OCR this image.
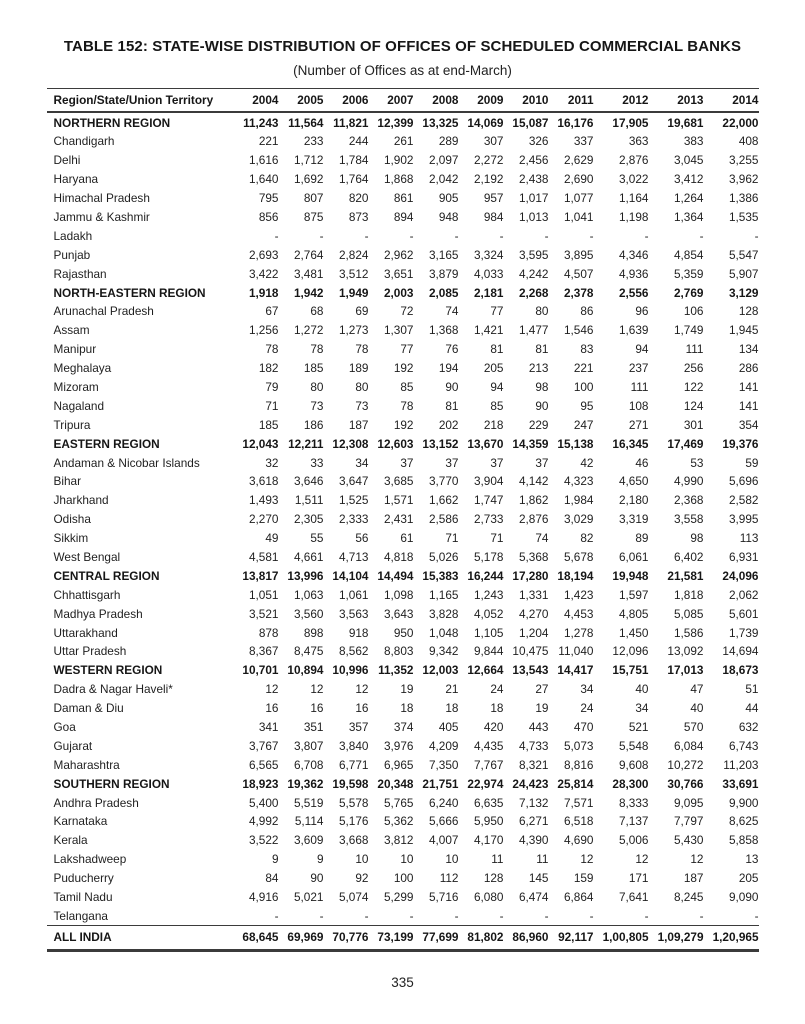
TABLE 152: STATE-WISE DISTRIBUTION OF OFFICES OF SCHEDULED COMMERCIAL BANKS
(Number of Offices as at end-March)
Region/State/Union Territory	2004	2005	2006	2007	2008	2009	2010	2011	2012	2013	2014
NORTHERN REGION	11,243	11,564	11,821	12,399	13,325	14,069	15,087	16,176	17,905	19,681	22,000
Chandigarh	221	233	244	261	289	307	326	337	363	383	408
Delhi	1,616	1,712	1,784	1,902	2,097	2,272	2,456	2,629	2,876	3,045	3,255
Haryana	1,640	1,692	1,764	1,868	2,042	2,192	2,438	2,690	3,022	3,412	3,962
Himachal Pradesh	795	807	820	861	905	957	1,017	1,077	1,164	1,264	1,386
Jammu & Kashmir	856	875	873	894	948	984	1,013	1,041	1,198	1,364	1,535
Ladakh	-	-	-	-	-	-	-	-	-	-	-
Punjab	2,693	2,764	2,824	2,962	3,165	3,324	3,595	3,895	4,346	4,854	5,547
Rajasthan	3,422	3,481	3,512	3,651	3,879	4,033	4,242	4,507	4,936	5,359	5,907
NORTH-EASTERN REGION	1,918	1,942	1,949	2,003	2,085	2,181	2,268	2,378	2,556	2,769	3,129
Arunachal Pradesh	67	68	69	72	74	77	80	86	96	106	128
Assam	1,256	1,272	1,273	1,307	1,368	1,421	1,477	1,546	1,639	1,749	1,945
Manipur	78	78	78	77	76	81	81	83	94	111	134
Meghalaya	182	185	189	192	194	205	213	221	237	256	286
Mizoram	79	80	80	85	90	94	98	100	111	122	141
Nagaland	71	73	73	78	81	85	90	95	108	124	141
Tripura	185	186	187	192	202	218	229	247	271	301	354
EASTERN REGION	12,043	12,211	12,308	12,603	13,152	13,670	14,359	15,138	16,345	17,469	19,376
Andaman & Nicobar Islands	32	33	34	37	37	37	37	42	46	53	59
Bihar	3,618	3,646	3,647	3,685	3,770	3,904	4,142	4,323	4,650	4,990	5,696
Jharkhand	1,493	1,511	1,525	1,571	1,662	1,747	1,862	1,984	2,180	2,368	2,582
Odisha	2,270	2,305	2,333	2,431	2,586	2,733	2,876	3,029	3,319	3,558	3,995
Sikkim	49	55	56	61	71	71	74	82	89	98	113
West Bengal	4,581	4,661	4,713	4,818	5,026	5,178	5,368	5,678	6,061	6,402	6,931
CENTRAL REGION	13,817	13,996	14,104	14,494	15,383	16,244	17,280	18,194	19,948	21,581	24,096
Chhattisgarh	1,051	1,063	1,061	1,098	1,165	1,243	1,331	1,423	1,597	1,818	2,062
Madhya Pradesh	3,521	3,560	3,563	3,643	3,828	4,052	4,270	4,453	4,805	5,085	5,601
Uttarakhand	878	898	918	950	1,048	1,105	1,204	1,278	1,450	1,586	1,739
Uttar Pradesh	8,367	8,475	8,562	8,803	9,342	9,844	10,475	11,040	12,096	13,092	14,694
WESTERN REGION	10,701	10,894	10,996	11,352	12,003	12,664	13,543	14,417	15,751	17,013	18,673
Dadra & Nagar Haveli*	12	12	12	19	21	24	27	34	40	47	51
Daman & Diu	16	16	16	18	18	18	19	24	34	40	44
Goa	341	351	357	374	405	420	443	470	521	570	632
Gujarat	3,767	3,807	3,840	3,976	4,209	4,435	4,733	5,073	5,548	6,084	6,743
Maharashtra	6,565	6,708	6,771	6,965	7,350	7,767	8,321	8,816	9,608	10,272	11,203
SOUTHERN REGION	18,923	19,362	19,598	20,348	21,751	22,974	24,423	25,814	28,300	30,766	33,691
Andhra Pradesh	5,400	5,519	5,578	5,765	6,240	6,635	7,132	7,571	8,333	9,095	9,900
Karnataka	4,992	5,114	5,176	5,362	5,666	5,950	6,271	6,518	7,137	7,797	8,625
Kerala	3,522	3,609	3,668	3,812	4,007	4,170	4,390	4,690	5,006	5,430	5,858
Lakshadweep	9	9	10	10	10	11	11	12	12	12	13
Puducherry	84	90	92	100	112	128	145	159	171	187	205
Tamil Nadu	4,916	5,021	5,074	5,299	5,716	6,080	6,474	6,864	7,641	8,245	9,090
Telangana	-	-	-	-	-	-	-	-	-	-	-
ALL INDIA	68,645	69,969	70,776	73,199	77,699	81,802	86,960	92,117	1,00,805	1,09,279	1,20,965
335
